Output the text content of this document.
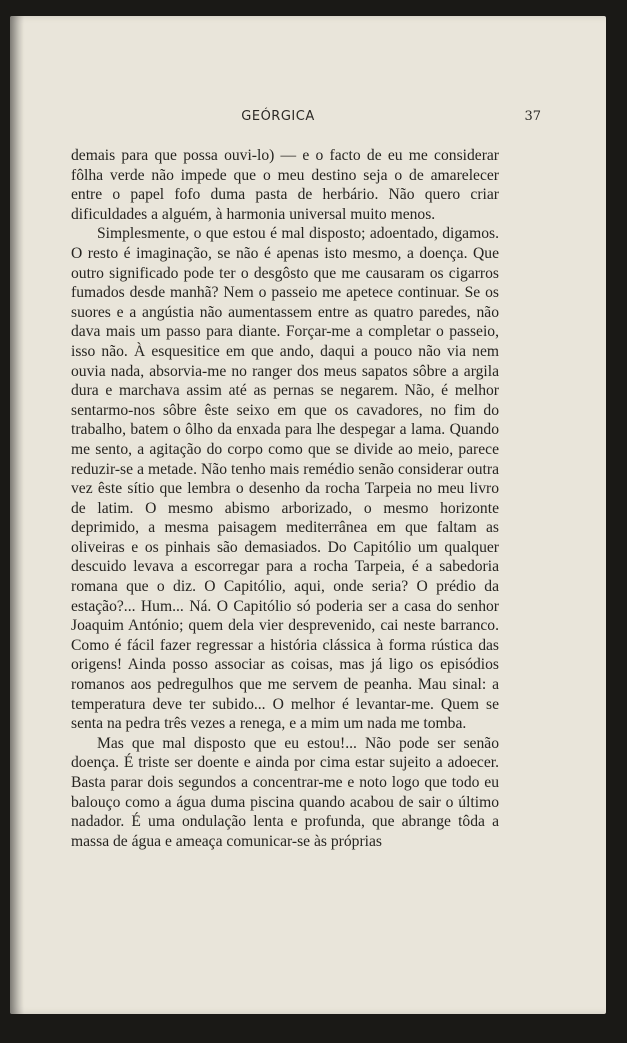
GEÓRGICA	37

demais para que possa ouvi-lo) — e o facto de eu me considerar fôlha verde não impede que o meu destino seja o de amarelecer entre o papel fofo duma pasta de herbário. Não quero criar dificuldades a alguém, à harmonia universal muito menos.

Simplesmente, o que estou é mal disposto; adoentado, digamos. O resto é imaginação, se não é apenas isto mesmo, a doença. Que outro significado pode ter o desgôsto que me causaram os cigarros fumados desde manhã? Nem o passeio me apetece continuar. Se os suores e a angústia não aumentassem entre as quatro paredes, não dava mais um passo para diante. Forçar-me a completar o passeio, isso não. À esquesitice em que ando, daqui a pouco não via nem ouvia nada, absorvia-me no ranger dos meus sapatos sôbre a argila dura e marchava assim até as pernas se negarem. Não, é melhor sentarmo-nos sôbre êste seixo em que os cavadores, no fim do trabalho, batem o ôlho da enxada para lhe despegar a lama. Quando me sento, a agitação do corpo como que se divide ao meio, parece reduzir-se a metade. Não tenho mais remédio senão considerar outra vez êste sítio que lembra o desenho da rocha Tarpeia no meu livro de latim. O mesmo abismo arborizado, o mesmo horizonte deprimido, a mesma paisagem mediterrânea em que faltam as oliveiras e os pinhais são demasiados. Do Capitólio um qualquer descuido levava a escorregar para a rocha Tarpeia, é a sabedoria romana que o diz. O Capitólio, aqui, onde seria? O prédio da estação?... Hum... Ná. O Capitólio só poderia ser a casa do senhor Joaquim António; quem dela vier desprevenido, cai neste barranco. Como é fácil fazer regressar a história clássica à forma rústica das origens! Ainda posso associar as coisas, mas já ligo os episódios romanos aos pedregulhos que me servem de peanha. Mau sinal: a temperatura deve ter subido... O melhor é levantar-me. Quem se senta na pedra três vezes a renega, e a mim um nada me tomba.

Mas que mal disposto que eu estou!... Não pode ser senão doença. É triste ser doente e ainda por cima estar sujeito a adoecer. Basta parar dois segundos a concentrar-me e noto logo que todo eu balouço como a água duma piscina quando acabou de sair o último nadador. É uma ondulação lenta e profunda, que abrange tôda a massa de água e ameaça comunicar-se às próprias
